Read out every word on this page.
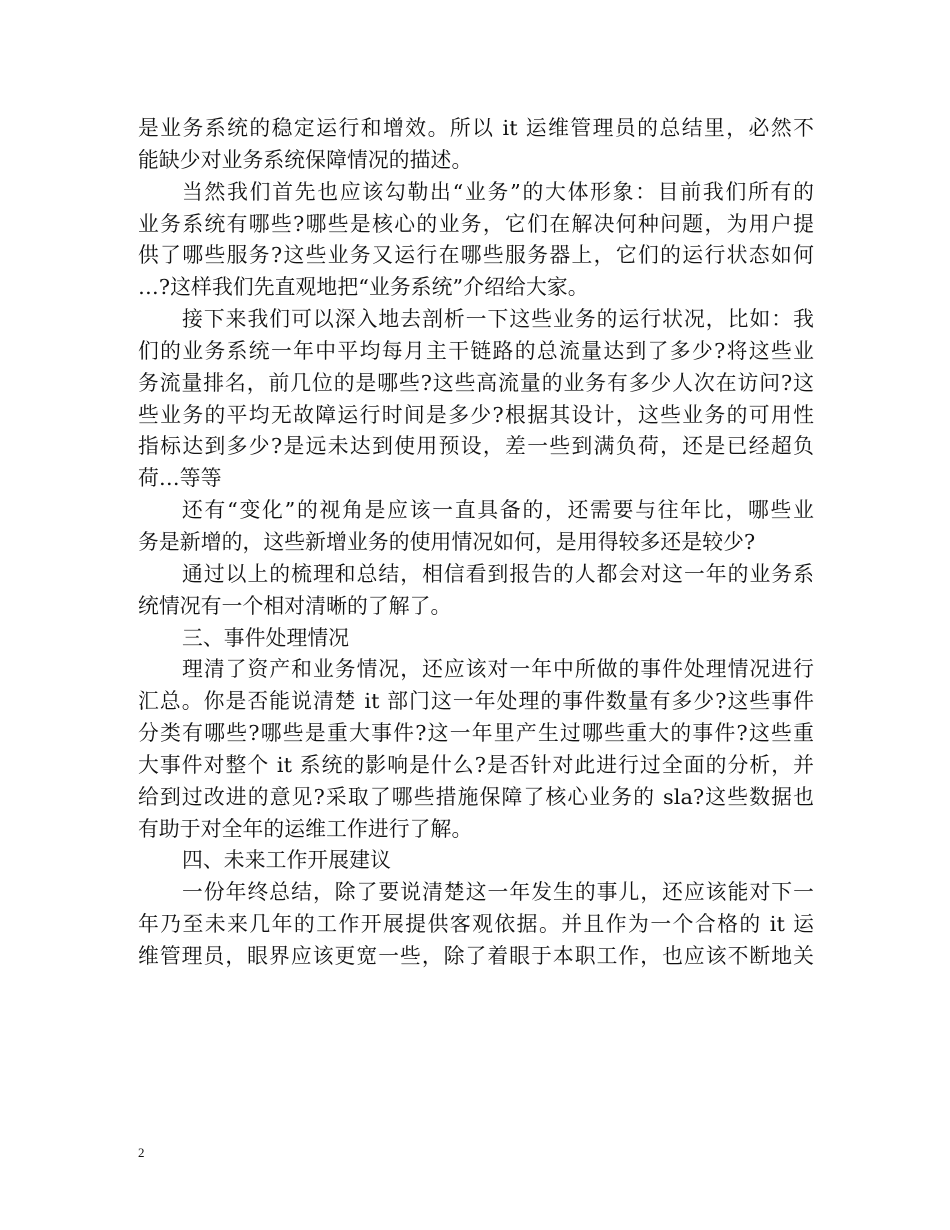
是业务系统的稳定运行和增效。所以 it 运维管理员的总结里，必然不
能缺少对业务系统保障情况的描述。
当然我们首先也应该勾勒出“业务”的大体形象：目前我们所有的
业务系统有哪些?哪些是核心的业务，它们在解决何种问题，为用户提
供了哪些服务?这些业务又运行在哪些服务器上，它们的运行状态如何
…?这样我们先直观地把“业务系统”介绍给大家。
接下来我们可以深入地去剖析一下这些业务的运行状况，比如：我
们的业务系统一年中平均每月主干链路的总流量达到了多少?将这些业
务流量排名，前几位的是哪些?这些高流量的业务有多少人次在访问?这
些业务的平均无故障运行时间是多少?根据其设计，这些业务的可用性
指标达到多少?是远未达到使用预设，差一些到满负荷，还是已经超负
荷…等等
还有“变化”的视角是应该一直具备的，还需要与往年比，哪些业
务是新增的，这些新增业务的使用情况如何，是用得较多还是较少?
通过以上的梳理和总结，相信看到报告的人都会对这一年的业务系
统情况有一个相对清晰的了解了。
三、事件处理情况
理清了资产和业务情况，还应该对一年中所做的事件处理情况进行
汇总。你是否能说清楚 it 部门这一年处理的事件数量有多少?这些事件
分类有哪些?哪些是重大事件?这一年里产生过哪些重大的事件?这些重
大事件对整个 it 系统的影响是什么?是否针对此进行过全面的分析，并
给到过改进的意见?采取了哪些措施保障了核心业务的 sla?这些数据也
有助于对全年的运维工作进行了解。
四、未来工作开展建议
一份年终总结，除了要说清楚这一年发生的事儿，还应该能对下一
年乃至未来几年的工作开展提供客观依据。并且作为一个合格的 it 运
维管理员，眼界应该更宽一些，除了着眼于本职工作，也应该不断地关
2
